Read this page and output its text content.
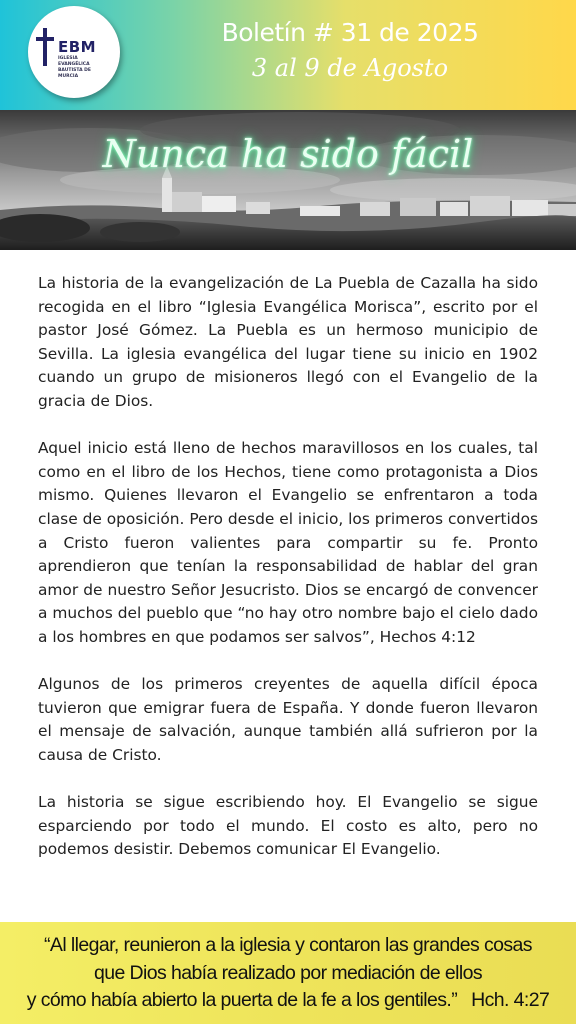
EBM
IGLESIA EVANGÉLICA
BAUTISTA DE MURCIA
Boletín # 31 de 2025
3 al 9 de Agosto
Nunca ha sido fácil

La historia de la evangelización de La Puebla de Cazalla ha sido recogida en el libro “Iglesia Evangélica Morisca”, escrito por el pastor José Gómez. La Puebla es un hermoso municipio de Sevilla. La iglesia evangélica del lugar tiene su inicio en 1902 cuando un grupo de misioneros llegó con el Evangelio de la gracia de Dios.

Aquel inicio está lleno de hechos maravillosos en los cuales, tal como en el libro de los Hechos, tiene como protagonista a Dios mismo. Quienes llevaron el Evangelio se enfrentaron a toda clase de oposición. Pero desde el inicio, los primeros convertidos a Cristo fueron valientes para compartir su fe. Pronto aprendieron que tenían la responsabilidad de hablar del gran amor de nuestro Señor Jesucristo. Dios se encargó de convencer a muchos del pueblo que “no hay otro nombre bajo el cielo dado a los hombres en que podamos ser salvos”, Hechos 4:12

Algunos de los primeros creyentes de aquella difícil época tuvieron que emigrar fuera de España. Y donde fueron llevaron el mensaje de salvación, aunque también allá sufrieron por la causa de Cristo.

La historia se sigue escribiendo hoy. El Evangelio se sigue esparciendo por todo el mundo. El costo es alto, pero no podemos desistir. Debemos comunicar El Evangelio.

“Al llegar, reunieron a la iglesia y contaron las grandes cosas
que Dios había realizado por mediación de ellos
y cómo había abierto la puerta de la fe a los gentiles.” Hch. 4:27
